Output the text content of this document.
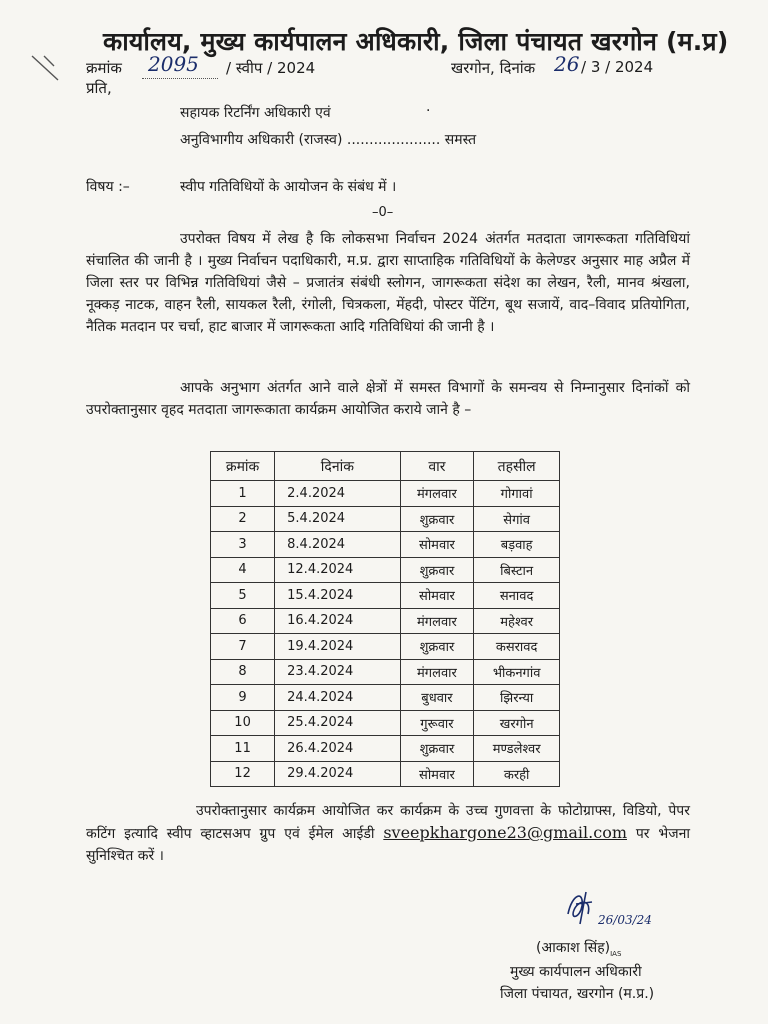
कार्यालय, मुख्य कार्यपालन अधिकारी, जिला पंचायत खरगोन (म.प्र)
क्रमांक 2095 / स्वीप / 2024	खरगोन, दिनांक 26 / 3 / 2024
प्रति,
सहायक रिटर्निंग अधिकारी एवं	·
अनुविभागीय अधिकारी (राजस्व) ..................... समस्त
विषय :–	स्वीप गतिविधियों के आयोजन के संबंध में ।
–0–
उपरोक्त विषय में लेख है कि लोकसभा निर्वाचन 2024 अंतर्गत मतदाता जागरूकता गतिविधियां संचालित की जानी है । मुख्य निर्वाचन पदाधिकारी, म.प्र. द्वारा साप्ताहिक गतिविधियों के केलेण्डर अनुसार माह अप्रैल में जिला स्तर पर विभिन्न गतिविधियां जैसे – प्रजातंत्र संबंधी स्लोगन, जागरूकता संदेश का लेखन, रैली, मानव श्रंखला, नूक्कड़ नाटक, वाहन रैली, सायकल रैली, रंगोली, चित्रकला, मेंहदी, पोस्टर पेंटिंग, बूथ सजायें, वाद–विवाद प्रतियोगिता, नैतिक मतदान पर चर्चा, हाट बाजार में जागरूकता आदि गतिविधियां की जानी है ।
आपके अनुभाग अंतर्गत आने वाले क्षेत्रों में समस्त विभागों के समन्वय से निम्नानुसार दिनांकों को उपरोक्तानुसार वृहद मतदाता जागरूकाता कार्यक्रम आयोजित कराये जाने है –
क्रमांक	दिनांक	वार	तहसील
1	2.4.2024	मंगलवार	गोगावां
2	5.4.2024	शुक्रवार	सेगांव
3	8.4.2024	सोमवार	बड़वाह
4	12.4.2024	शुक्रवार	बिस्टान
5	15.4.2024	सोमवार	सनावद
6	16.4.2024	मंगलवार	महेश्वर
7	19.4.2024	शुक्रवार	कसरावद
8	23.4.2024	मंगलवार	भीकनगांव
9	24.4.2024	बुधवार	झिरन्या
10	25.4.2024	गुरूवार	खरगोन
11	26.4.2024	शुक्रवार	मण्डलेश्वर
12	29.4.2024	सोमवार	करही
उपरोक्तानुसार कार्यक्रम आयोजित कर कार्यक्रम के उच्च गुणवत्ता के फोटोग्राफ्स, विडियो, पेपर कटिंग इत्यादि स्वीप व्हाटसअप ग्रुप एवं ईमेल आईडी sveepkhargone23@gmail.com पर भेजना सुनिश्चित करें ।
26/03/24
(आकाश $सिंह)_{IAS}$
मुख्य कार्यपालन अधिकारी
जिला पंचायत, खरगोन (म.प्र.)
